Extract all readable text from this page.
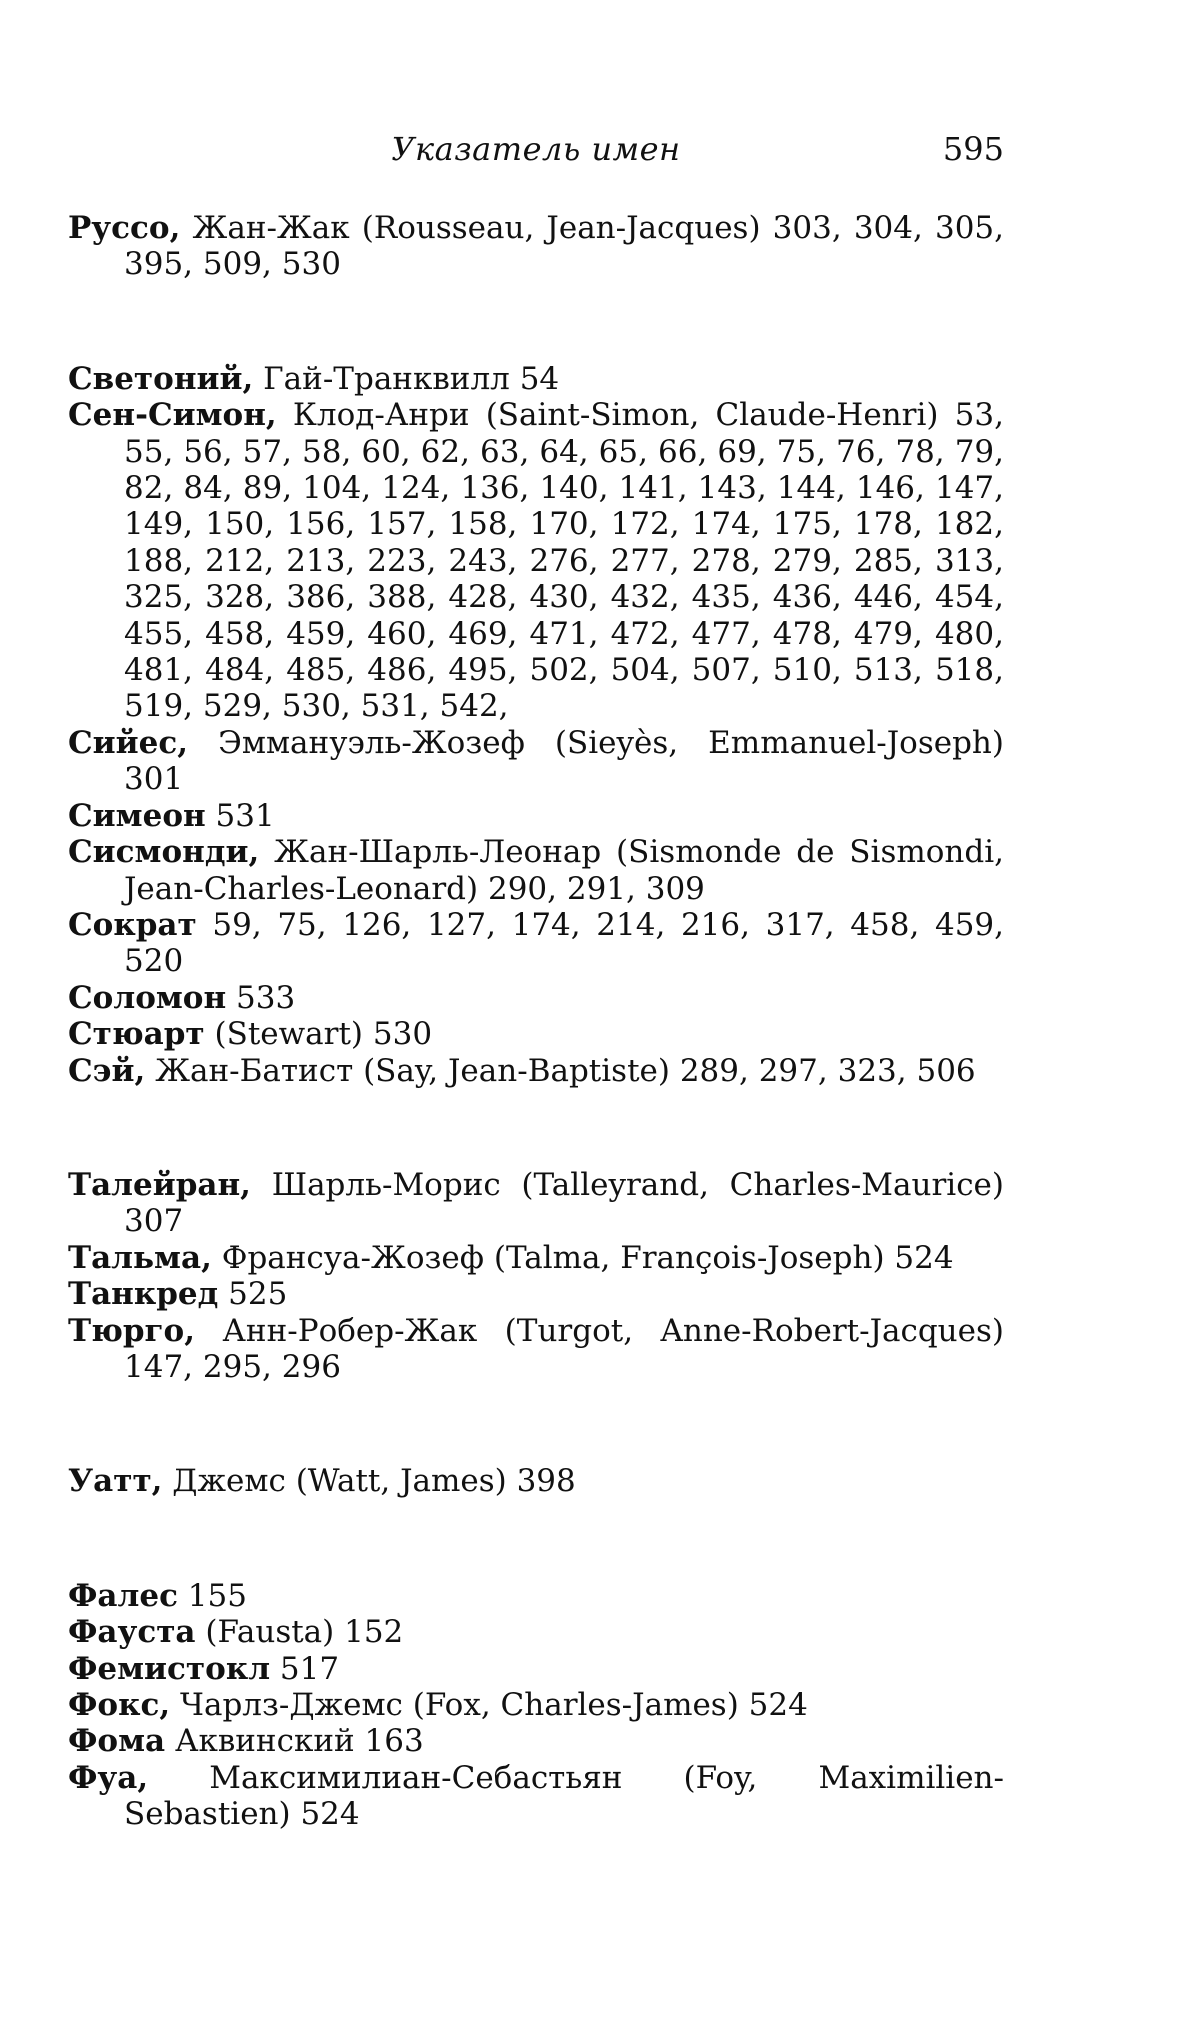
Указатель имен	595

Руссо, Жан-Жак (Rousseau, Jean-Jacques) 303, 304, 305, 395, 509, 530

Светоний, Гай-Транквилл 54

Сен-Симон, Клод-Анри (Saint-Simon, Claude-Henri) 53, 55, 56, 57, 58, 60, 62, 63, 64, 65, 66, 69, 75, 76, 78, 79, 82, 84, 89, 104, 124, 136, 140, 141, 143, 144, 146, 147, 149, 150, 156, 157, 158, 170, 172, 174, 175, 178, 182, 188, 212, 213, 223, 243, 276, 277, 278, 279, 285, 313, 325, 328, 386, 388, 428, 430, 432, 435, 436, 446, 454, 455, 458, 459, 460, 469, 471, 472, 477, 478, 479, 480, 481, 484, 485, 486, 495, 502, 504, 507, 510, 513, 518, 519, 529, 530, 531, 542,

Сийес, Эммануэль-Жозеф (Sieyès, Emmanuel-Joseph) 301

Симеон 531

Сисмонди, Жан-Шарль-Леонар (Sismonde de Sismondi, Jean-Charles-Leonard) 290, 291, 309

Сократ 59, 75, 126, 127, 174, 214, 216, 317, 458, 459, 520

Соломон 533

Стюарт (Stewart) 530

Сэй, Жан-Батист (Say, Jean-Baptiste) 289, 297, 323, 506

Талейран, Шарль-Морис (Talleyrand, Charles-Maurice) 307

Тальма, Франсуа-Жозеф (Talma, François-Joseph) 524

Танкред 525

Тюрго, Анн-Робер-Жак (Turgot, Anne-Robert-Jacques) 147, 295, 296

Уатт, Джемс (Watt, James) 398

Фалес 155

Фауста (Fausta) 152

Фемистокл 517

Фокс, Чарлз-Джемс (Fox, Charles-James) 524

Фома Аквинский 163

Фуа, Максимилиан-Себастьян (Foy, Maximilien-Sebastien) 524
